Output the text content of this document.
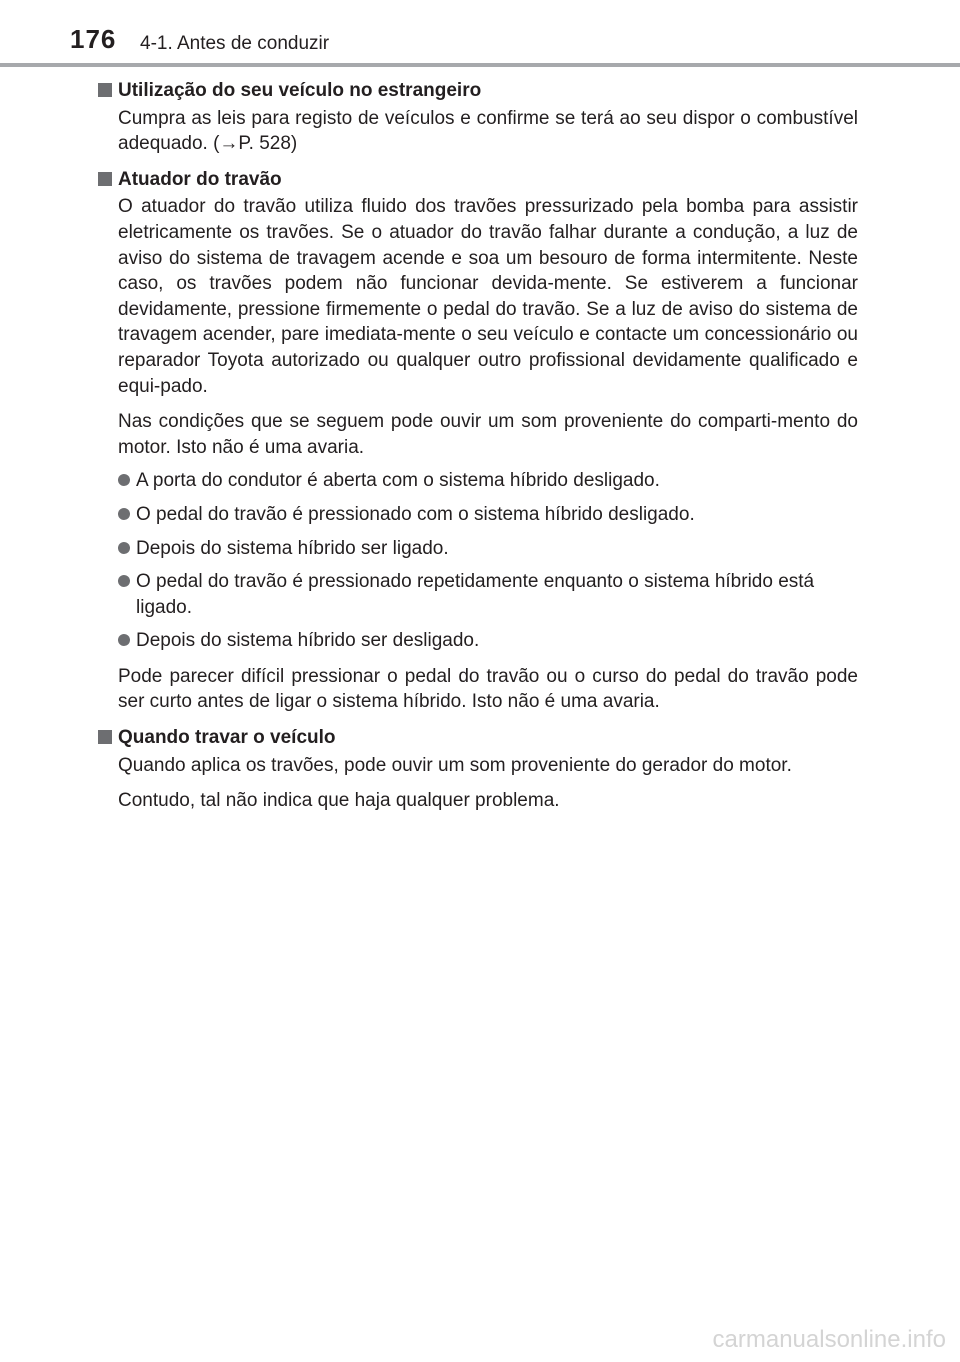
176 4-1. Antes de conduzir
Utilização do seu veículo no estrangeiro

Cumpra as leis para registo de veículos e confirme se terá ao seu dispor o combustível adequado. (→P. 528)

Atuador do travão

O atuador do travão utiliza fluido dos travões pressurizado pela bomba para assistir eletricamente os travões. Se o atuador do travão falhar durante a condução, a luz de aviso do sistema de travagem acende e soa um besouro de forma intermitente. Neste caso, os travões podem não funcionar devida-mente. Se estiverem a funcionar devidamente, pressione firmemente o pedal do travão. Se a luz de aviso do sistema de travagem acender, pare imediata-mente o seu veículo e contacte um concessionário ou reparador Toyota autorizado ou qualquer outro profissional devidamente qualificado e equi-pado.

Nas condições que se seguem pode ouvir um som proveniente do comparti-mento do motor. Isto não é uma avaria.

A porta do condutor é aberta com o sistema híbrido desligado.
O pedal do travão é pressionado com o sistema híbrido desligado.
Depois do sistema híbrido ser ligado.
O pedal do travão é pressionado repetidamente enquanto o sistema híbrido está ligado.
Depois do sistema híbrido ser desligado.

Pode parecer difícil pressionar o pedal do travão ou o curso do pedal do travão pode ser curto antes de ligar o sistema híbrido. Isto não é uma avaria.

Quando travar o veículo

Quando aplica os travões, pode ouvir um som proveniente do gerador do motor.

Contudo, tal não indica que haja qualquer problema.

carmanualsonline.info
